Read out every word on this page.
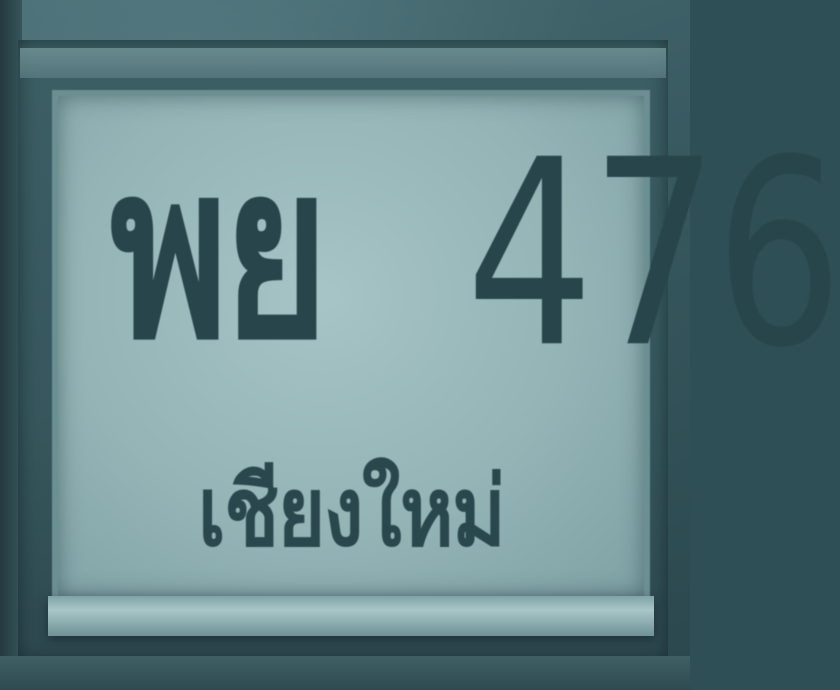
พย 476
เชียงใหม่
